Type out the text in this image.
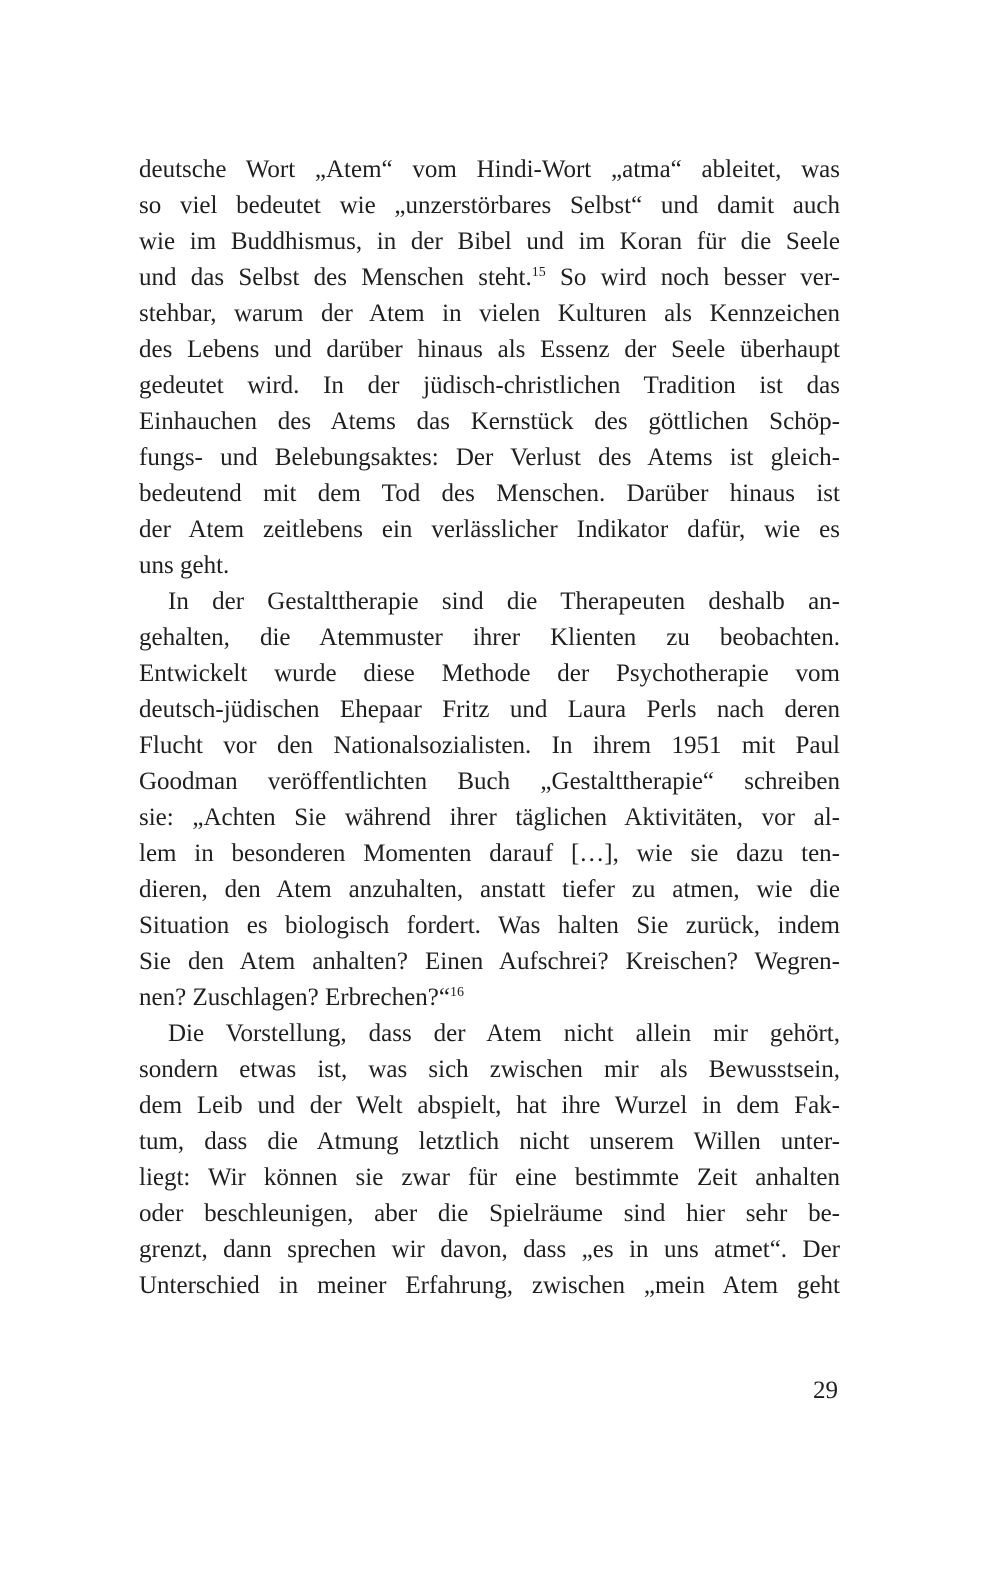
deutsche Wort „Atem“ vom Hindi-Wort „atma“ ableitet, was
so viel bedeutet wie „unzerstörbares Selbst“ und damit auch
wie im Buddhismus, in der Bibel und im Koran für die Seele
und das Selbst des Menschen steht.$^{15}$ So wird noch besser ver-
stehbar, warum der Atem in vielen Kulturen als Kennzeichen
des Lebens und darüber hinaus als Essenz der Seele überhaupt
gedeutet wird. In der jüdisch-christlichen Tradition ist das
Einhauchen des Atems das Kernstück des göttlichen Schöp-
fungs- und Belebungsaktes: Der Verlust des Atems ist gleich-
bedeutend mit dem Tod des Menschen. Darüber hinaus ist
der Atem zeitlebens ein verlässlicher Indikator dafür, wie es
uns geht.
In der Gestalttherapie sind die Therapeuten deshalb an-
gehalten, die Atemmuster ihrer Klienten zu beobachten.
Entwickelt wurde diese Methode der Psychotherapie vom
deutsch-jüdischen Ehepaar Fritz und Laura Perls nach deren
Flucht vor den Nationalsozialisten. In ihrem 1951 mit Paul
Goodman veröffentlichten Buch „Gestalttherapie“ schreiben
sie: „Achten Sie während ihrer täglichen Aktivitäten, vor al-
lem in besonderen Momenten darauf […], wie sie dazu ten-
dieren, den Atem anzuhalten, anstatt tiefer zu atmen, wie die
Situation es biologisch fordert. Was halten Sie zurück, indem
Sie den Atem anhalten? Einen Aufschrei? Kreischen? Wegren-
nen? Zuschlagen? Erbrechen?“$^{16}$
Die Vorstellung, dass der Atem nicht allein mir gehört,
sondern etwas ist, was sich zwischen mir als Bewusstsein,
dem Leib und der Welt abspielt, hat ihre Wurzel in dem Fak-
tum, dass die Atmung letztlich nicht unserem Willen unter-
liegt: Wir können sie zwar für eine bestimmte Zeit anhalten
oder beschleunigen, aber die Spielräume sind hier sehr be-
grenzt, dann sprechen wir davon, dass „es in uns atmet“. Der
Unterschied in meiner Erfahrung, zwischen „mein Atem geht
29
